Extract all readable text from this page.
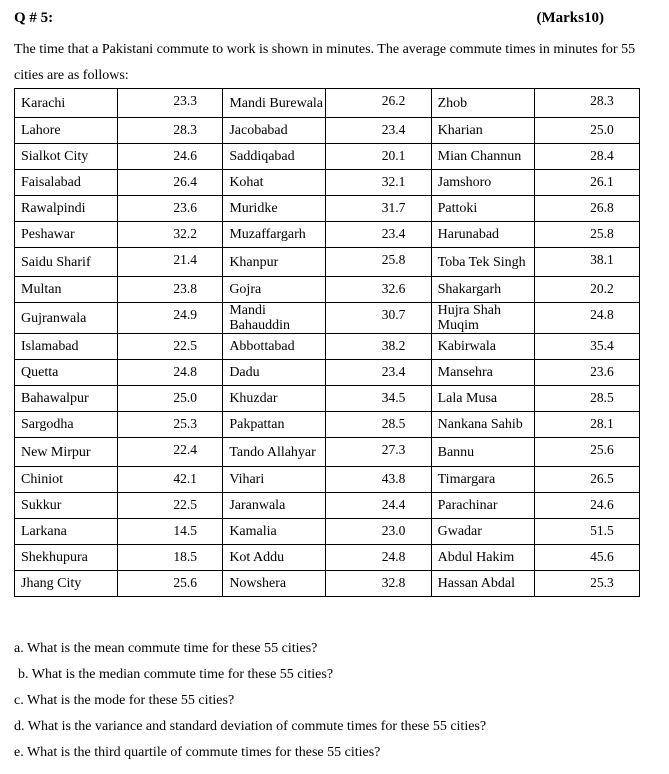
Q # 5:	(Marks10)
The time that a Pakistani commute to work is shown in minutes. The average commute times in minutes for 55 cities are as follows:
Karachi	23.3	Mandi Burewala	26.2	Zhob	28.3
Lahore	28.3	Jacobabad	23.4	Kharian	25.0
Sialkot City	24.6	Saddiqabad	20.1	Mian Channun	28.4
Faisalabad	26.4	Kohat	32.1	Jamshoro	26.1
Rawalpindi	23.6	Muridke	31.7	Pattoki	26.8
Peshawar	32.2	Muzaffargarh	23.4	Harunabad	25.8
Saidu Sharif	21.4	Khanpur	25.8	Toba Tek Singh	38.1
Multan	23.8	Gojra	32.6	Shakargarh	20.2
Gujranwala	24.9	Mandi Bahauddin	30.7	Hujra Shah Muqim	24.8
Islamabad	22.5	Abbottabad	38.2	Kabirwala	35.4
Quetta	24.8	Dadu	23.4	Mansehra	23.6
Bahawalpur	25.0	Khuzdar	34.5	Lala Musa	28.5
Sargodha	25.3	Pakpattan	28.5	Nankana Sahib	28.1
New Mirpur	22.4	Tando Allahyar	27.3	Bannu	25.6
Chiniot	42.1	Vihari	43.8	Timargara	26.5
Sukkur	22.5	Jaranwala	24.4	Parachinar	24.6
Larkana	14.5	Kamalia	23.0	Gwadar	51.5
Shekhupura	18.5	Kot Addu	24.8	Abdul Hakim	45.6
Jhang City	25.6	Nowshera	32.8	Hassan Abdal	25.3
a. What is the mean commute time for these 55 cities?
b. What is the median commute time for these 55 cities?
c. What is the mode for these 55 cities?
d. What is the variance and standard deviation of commute times for these 55 cities?
e. What is the third quartile of commute times for these 55 cities?
